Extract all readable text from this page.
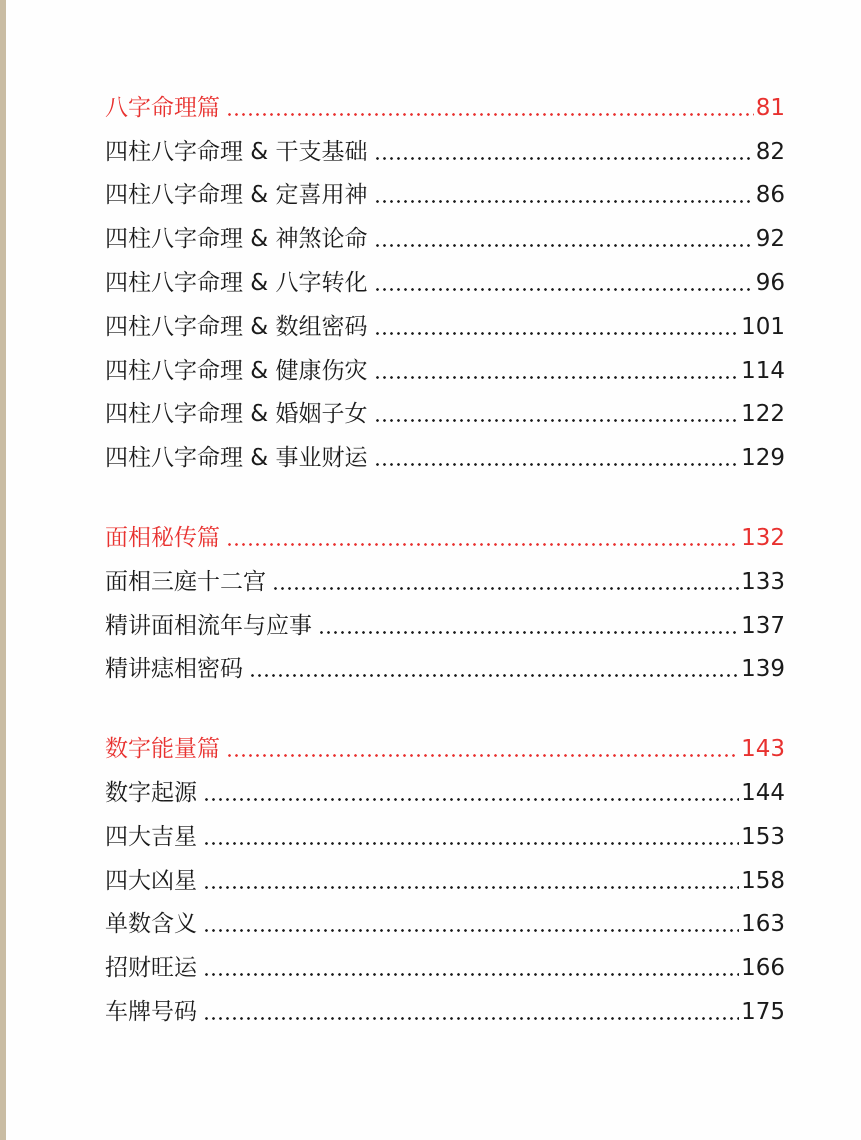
八字命理篇	81
四柱八字命理 & 干支基础	82
四柱八字命理 & 定喜用神	86
四柱八字命理 & 神煞论命	92
四柱八字命理 & 八字转化	96
四柱八字命理 & 数组密码	101
四柱八字命理 & 健康伤灾	114
四柱八字命理 & 婚姻子女	122
四柱八字命理 & 事业财运	129
面相秘传篇	132
面相三庭十二宫	133
精讲面相流年与应事	137
精讲痣相密码	139
数字能量篇	143
数字起源	144
四大吉星	153
四大凶星	158
单数含义	163
招财旺运	166
车牌号码	175
